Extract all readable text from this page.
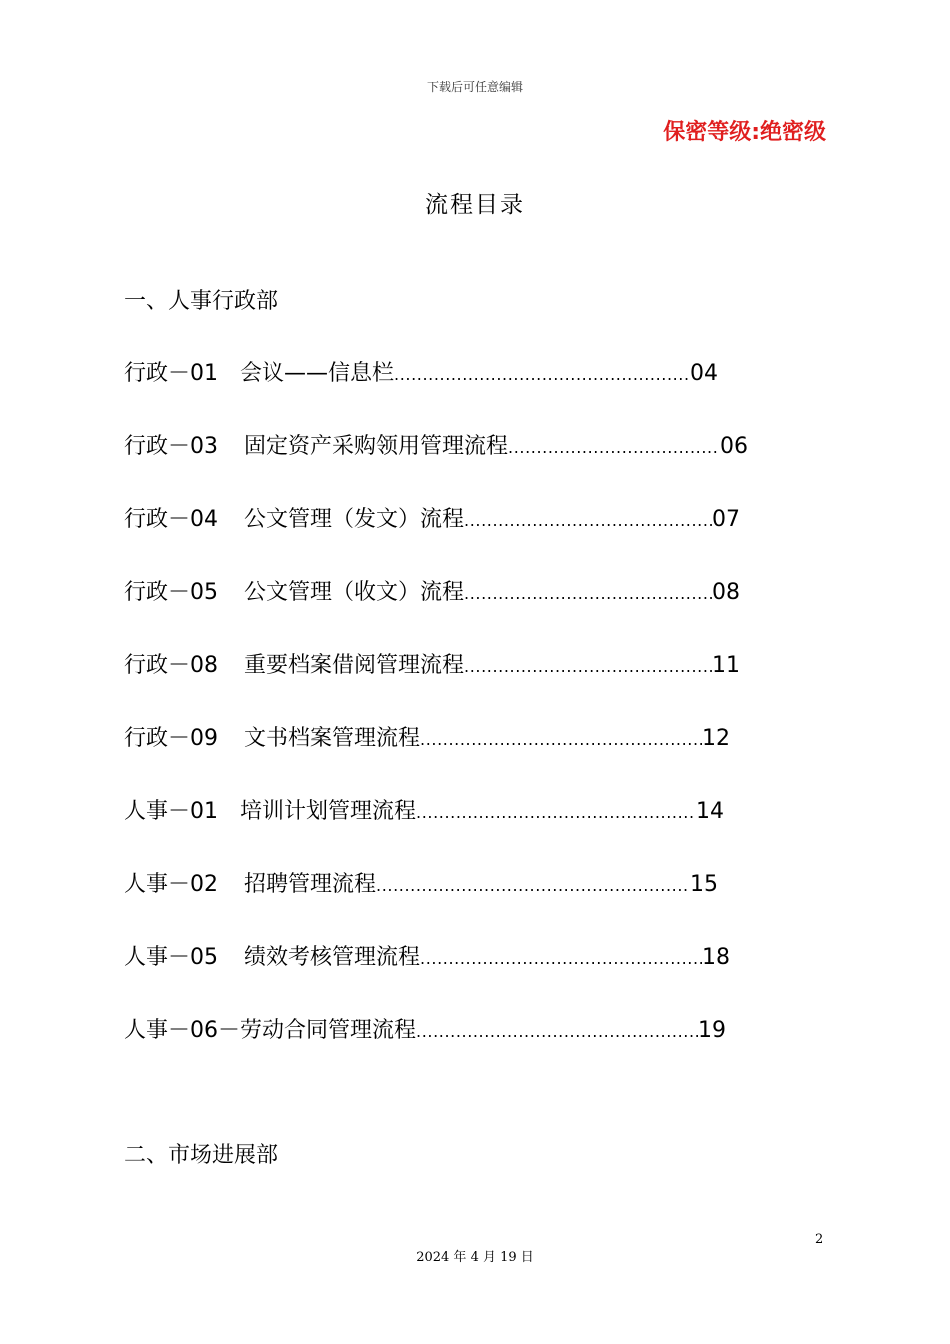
下载后可任意编辑
保密等级:绝密级
流程目录
一、人事行政部
行政－01 会议——信息栏 .....	04
行政－03 固定资产采购领用管理流程 .....	06
行政－04 公文管理（发文）流程 .....	07
行政－05 公文管理（收文）流程 .....	08
行政－08 重要档案借阅管理流程 .....	11
行政－09 文书档案管理流程 .....	12
人事－01 培训计划管理流程 .....	14
人事－02 招聘管理流程 .....	15
人事－05 绩效考核管理流程 .....	18
人事－06－劳动合同管理流程 .....	19
二、市场进展部
2
2024 年 4 月 19 日
